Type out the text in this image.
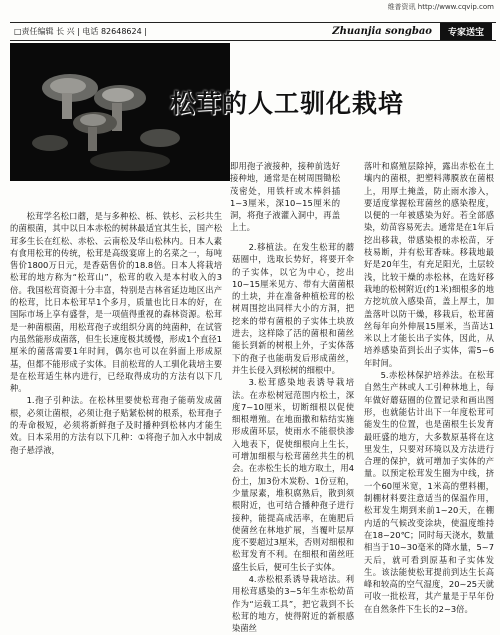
维普资讯 http://www.cqvip.com
□责任编辑 长 兴 | 电话 82648624 |	Zhuanjia songbao	专家送宝
松茸的人工驯化栽培

松茸学名松口蘑，是与多种松、栎、铁杉、云杉共生的菌根菌，其中以日本赤松的树林最适宜其生长，国产松茸多生长在红松、赤松、云南松及华山松林内。日本人素有食用松茸的传统，松茸是高级宴席上的名菜之一，每吨售价1800万日元，是香菇售价的18.8倍。日本人将栽培松茸的地方称为“松茸山”，松茸的收入是本村收入的3倍。我国松茸资源十分丰富，特别是吉林省延边地区出产的松茸，比日本松茸早1个多月，质量也比日本的好，在国际市场上享有盛誉，是一项值得重视的森林资源。松茸是一种菌根菌，用松茸孢子或组织分离的纯菌种，在试管内虽然能形成菌落，但生长速度极其缓慢，形成1个直径1厘米的菌落需要1年时间，偶尔也可以在斜面上形成原基，但都不能形成子实体。目前松茸的人工驯化栽培主要是在松茸适生林内进行，已经取得成功的方法有以下几种。

1.孢子引种法。在松林里要使松茸孢子能萌发成菌根，必须让菌根，必须让孢子贴紧松树的根系，松茸孢子的寿命极短，必须将新鲜孢子及时播种到松林内才能生效。日本采用的方法有以下几种：①将孢子加入水中制成孢子悬浮液，

即用孢子液接种，接种前选好接种地，通常是在树周围锄松茂密处，用铁杆或木棒斜插1~3厘米，深10~15厘米的洞，将孢子液灌入洞中，再盖上土。

2.移植法。在发生松茸的蘑菇圈中，选取长势好，将要开伞的子实体，以它为中心，挖出10~15厘米见方、带有大菌菌根的土块，并在准备种植松茸的松树周围挖出同样大小的方洞，把挖来的带有菌根的子实体土块放进去，这样除了活的菌根和菌丝能长到新的树根上外，子实体落下的孢子也能萌发后形成菌丝，并生长侵入到松树的细根中。

3.松茸感染地表诱导栽培法。在赤松树冠范围内松土，深度7~10厘米，切断细根以促使细根增殖。在地面撒和粘结实施形成菌环层，使雨水不能很快渗入地表下，促使细根向上生长，可增加细根与松茸菌丝共生的机会。在赤松生长的地方取土，用4份土，加3份木炭粉、1份豆粕，少量尿素，堆积腐熟后，散到须根附近，也可结合播种孢子进行接种，能提高成活率，在施肥后使菌丝在林地扩展，当覆叶层厚度不要超过3厘米，否则对细根和松茸发育不利。在细根和菌丝旺盛生长后，便可生长子实体。

4.赤松根系诱导栽培法。利用松茸感染的3~5年生赤松幼苗作为“运载工具”，把它栽到不长松茸的地方，使得附近的新根感染菌丝

落叶和腐殖层除掉，露出赤松在土壤内的菌根，把塑料薄膜放在菌根上，用厚土掩盖，防止雨水渗入，要适度掌握松茸菌丝的感染程度，以便的一年被感染为好。若全部感染，幼苗容易死去。通常是在1年后挖出移栽，带感染根的赤松苗，牙枝易断，并有松茸香味。移栽地最好是20年生，有充足阳光，土层较浅，比较干燥的赤松林，在选好移栽地的松树附近(约1米)细根多的地方挖坑放入感染苗，盖上厚土，加盖落叶以防干燥，移栽后，松茸菌丝每年向外伸展15厘米，当苗达1米以上才能长出子实体，因此，从培养感染苗到长出子实体，需5~6年时间。

5.赤松林保护培养法。在松茸自然生产林或人工引种林地上，每年做好蘑菇圈的位置记录和画出图形，也就能估计出下一年度松茸可能发生的位置，也是菌根生长发育最旺盛的地方，大多数原基将在这里发生，只要对环境以及方法进行合理的保护，就可增加子实体的产量。以预定松茸发生圈为中线，挤一个60厘米宽，1米高的塑料棚，制棚材料要注意适当的保温作用，松茸发生期到来前1~20天，在棚内适的气候改变涂块，使温度维持在18~20℃；同时每天浇水，数量相当于10~30毫米的降水量，5~7天后，就可看到原基和子实体发生。该法能使松茸提前到达生长高峰和较高的空气湿度，20~25天就可收一批松茸，其产量是于早年份在自然条件下生长的2~3倍。
